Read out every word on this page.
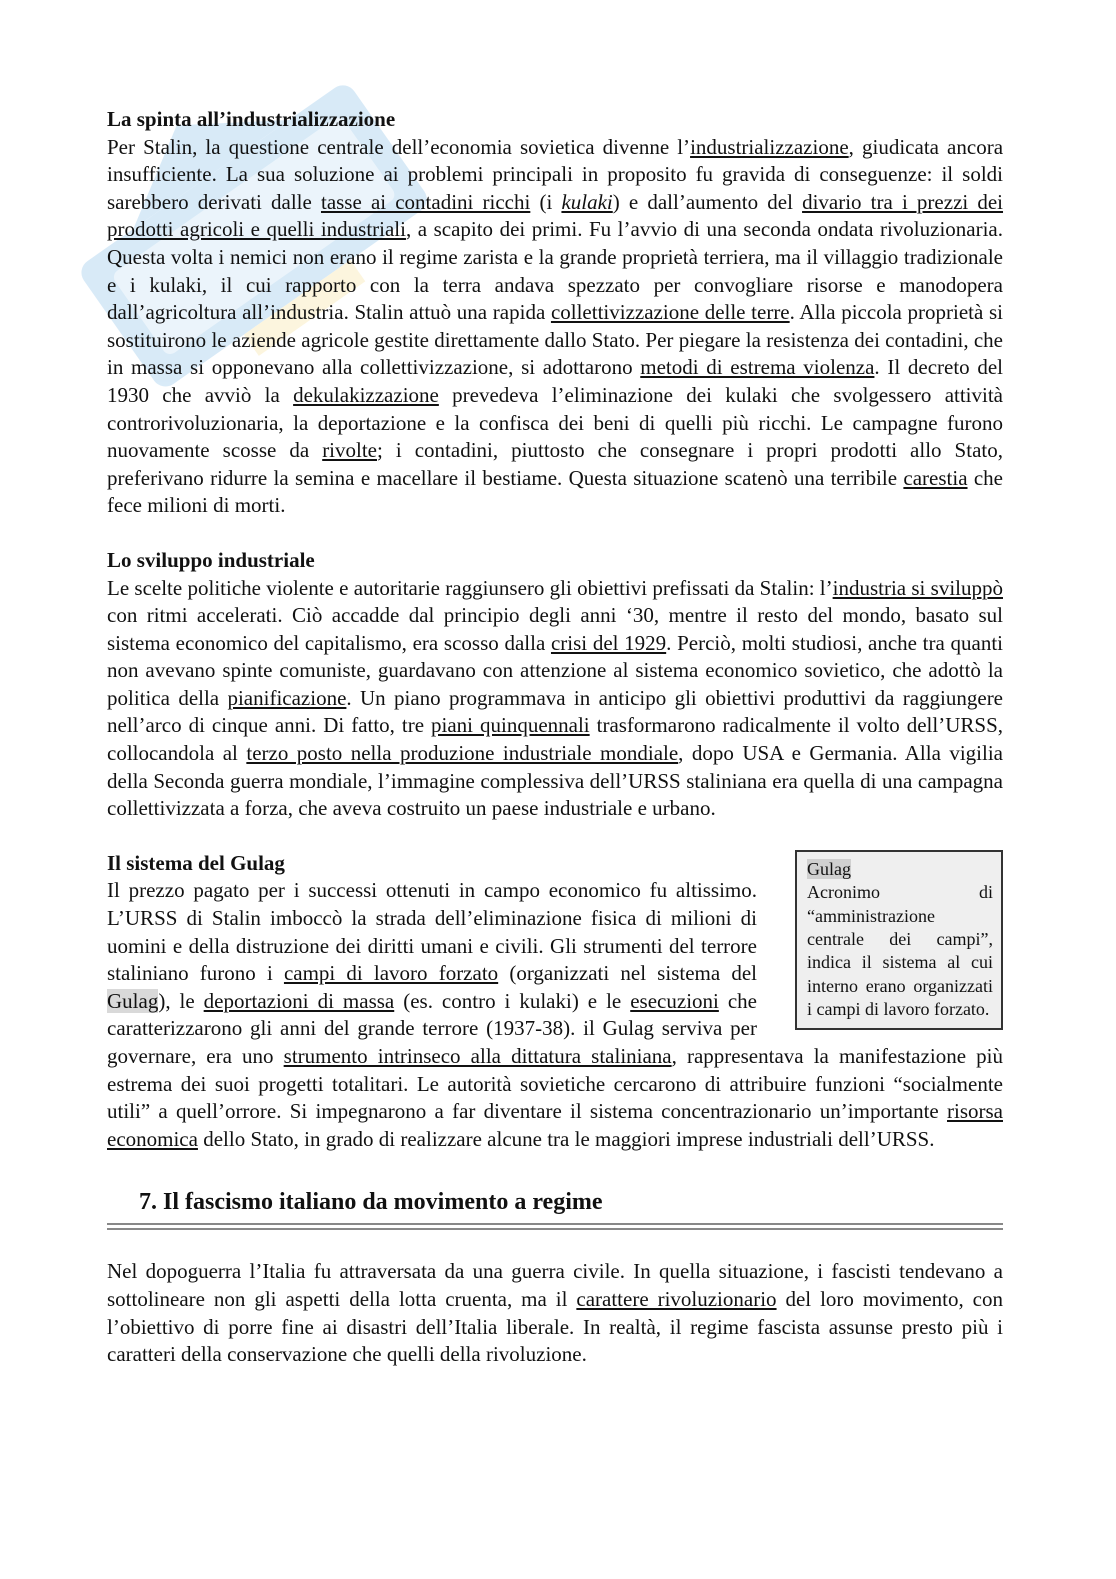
La spinta all’industrializzazione

Per Stalin, la questione centrale dell’economia sovietica divenne l’industrializzazione, giudicata ancora insufficiente. La sua soluzione ai problemi principali in proposito fu gravida di conseguenze: il soldi sarebbero derivati dalle tasse ai contadini ricchi (i kulaki) e dall’aumento del divario tra i prezzi dei prodotti agricoli e quelli industriali, a scapito dei primi. Fu l’avvio di una seconda ondata rivoluzionaria. Questa volta i nemici non erano il regime zarista e la grande proprietà terriera, ma il villaggio tradizionale e i kulaki, il cui rapporto con la terra andava spezzato per convogliare risorse e manodopera dall’agricoltura all’industria. Stalin attuò una rapida collettivizzazione delle terre. Alla piccola proprietà si sostituirono le aziende agricole gestite direttamente dallo Stato. Per piegare la resistenza dei contadini, che in massa si opponevano alla collettivizzazione, si adottarono metodi di estrema violenza. Il decreto del 1930 che avviò la dekulakizzazione prevedeva l’eliminazione dei kulaki che svolgessero attività controrivoluzionaria, la deportazione e la confisca dei beni di quelli più ricchi. Le campagne furono nuovamente scosse da rivolte; i contadini, piuttosto che consegnare i propri prodotti allo Stato, preferivano ridurre la semina e macellare il bestiame. Questa situazione scatenò una terribile carestia che fece milioni di morti.

Lo sviluppo industriale

Le scelte politiche violente e autoritarie raggiunsero gli obiettivi prefissati da Stalin: l’industria si sviluppò con ritmi accelerati. Ciò accadde dal principio degli anni ‘30, mentre il resto del mondo, basato sul sistema economico del capitalismo, era scosso dalla crisi del 1929. Perciò, molti studiosi, anche tra quanti non avevano spinte comuniste, guardavano con attenzione al sistema economico sovietico, che adottò la politica della pianificazione. Un piano programmava in anticipo gli obiettivi produttivi da raggiungere nell’arco di cinque anni. Di fatto, tre piani quinquennali trasformarono radicalmente il volto dell’URSS, collocandola al terzo posto nella produzione industriale mondiale, dopo USA e Germania. Alla vigilia della Seconda guerra mondiale, l’immagine complessiva dell’URSS staliniana era quella di una campagna collettivizzata a forza, che aveva costruito un paese industriale e urbano.

Gulag
Acronimo di “amministrazione centrale dei campi”, indica il sistema al cui interno erano organizzati i campi di lavoro forzato.
Il sistema del Gulag

Il prezzo pagato per i successi ottenuti in campo economico fu altissimo. L’URSS di Stalin imboccò la strada dell’eliminazione fisica di milioni di uomini e della distruzione dei diritti umani e civili. Gli strumenti del terrore staliniano furono i campi di lavoro forzato (organizzati nel sistema del Gulag), le deportazioni di massa (es. contro i kulaki) e le esecuzioni che caratterizzarono gli anni del grande terrore (1937-38). il Gulag serviva per governare, era uno strumento intrinseco alla dittatura staliniana, rappresentava la manifestazione più estrema dei suoi progetti totalitari. Le autorità sovietiche cercarono di attribuire funzioni “socialmente utili” a quell’orrore. Si impegnarono a far diventare il sistema concentrazionario un’importante risorsa economica dello Stato, in grado di realizzare alcune tra le maggiori imprese industriali dell’URSS.

7. Il fascismo italiano da movimento a regime

Nel dopoguerra l’Italia fu attraversata da una guerra civile. In quella situazione, i fascisti tendevano a sottolineare non gli aspetti della lotta cruenta, ma il carattere rivoluzionario del loro movimento, con l’obiettivo di porre fine ai disastri dell’Italia liberale. In realtà, il regime fascista assunse presto più i caratteri della conservazione che quelli della rivoluzione.
